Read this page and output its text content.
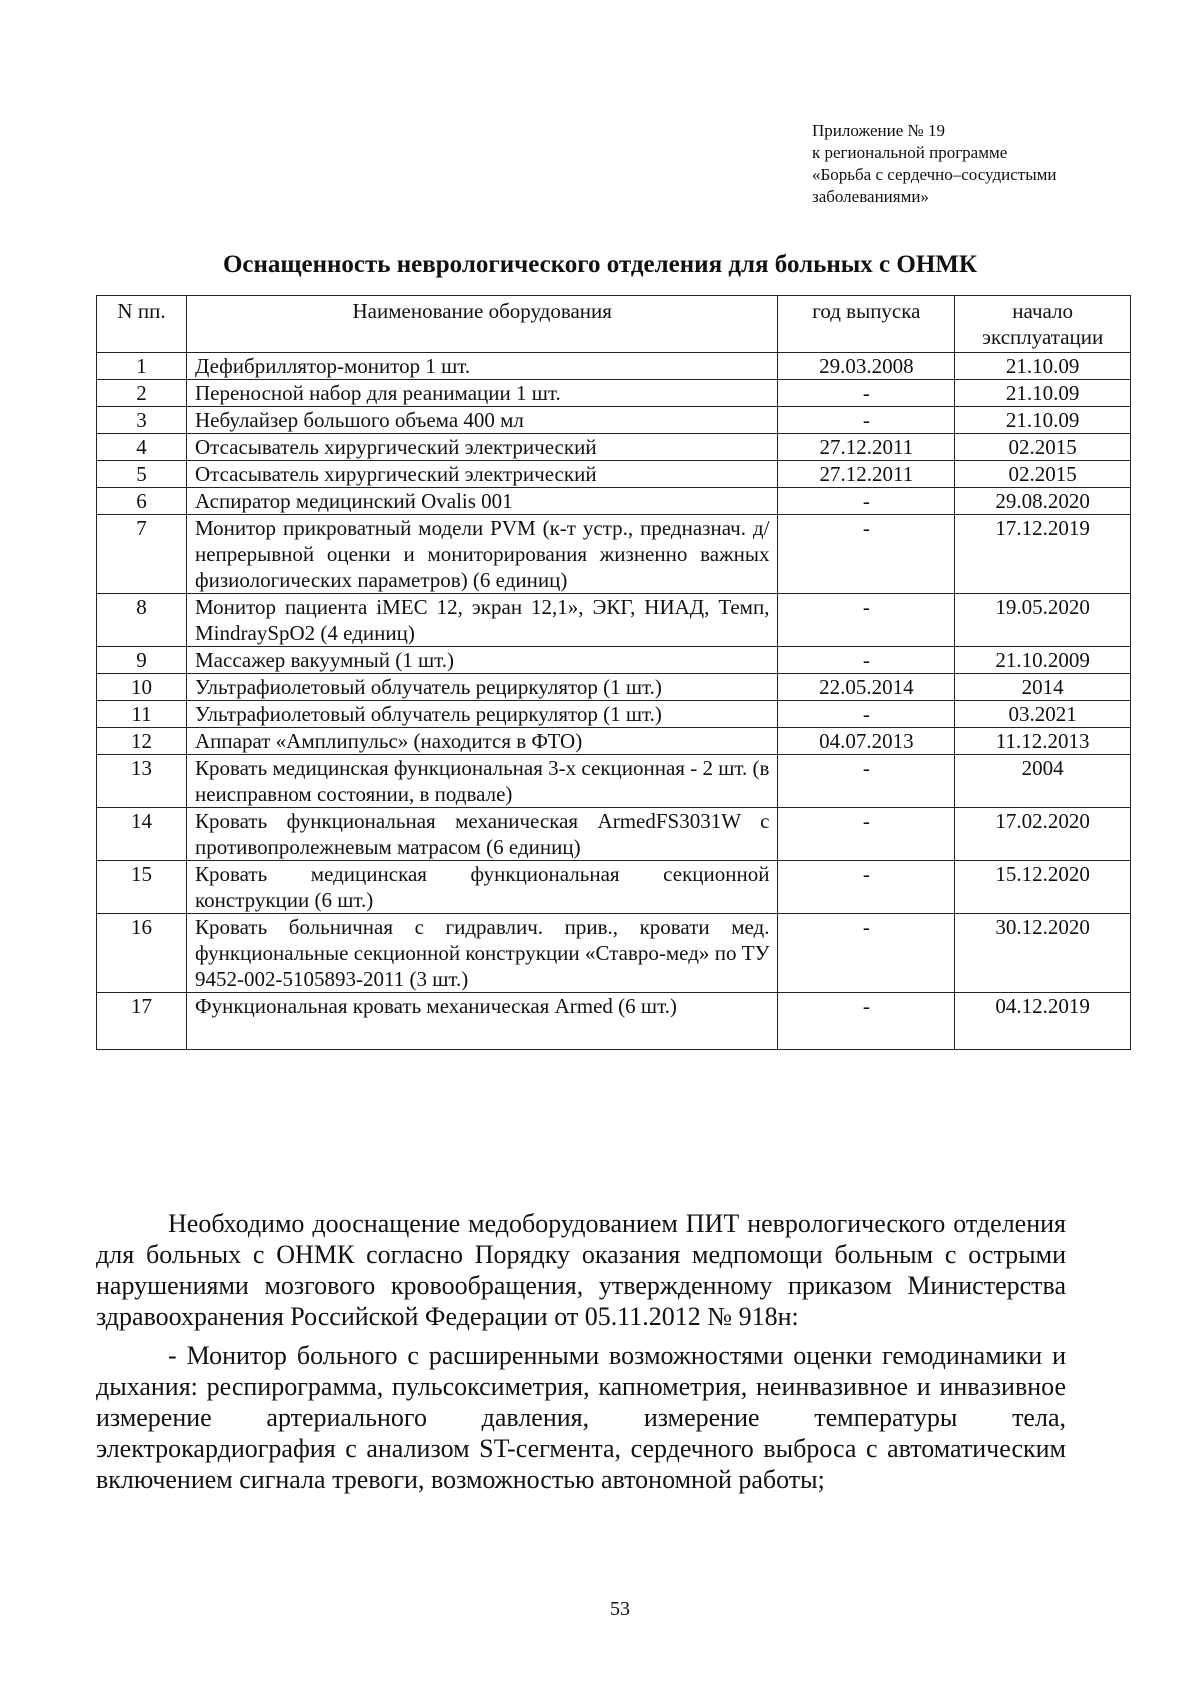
Приложение № 19
к региональной программе
«Борьба с сердечно–сосудистыми
заболеваниями»
Оснащенность неврологического отделения для больных с ОНМК
N пп.	Наименование оборудования	год выпуска	начало эксплуатации
1	Дефибриллятор-монитор 1 шт.	29.03.2008	21.10.09
2	Переносной набор для реанимации 1 шт.	-	21.10.09
3	Небулайзер большого объема 400 мл	-	21.10.09
4	Отсасыватель хирургический электрический	27.12.2011	02.2015
5	Отсасыватель хирургический электрический	27.12.2011	02.2015
6	Аспиратор медицинский Ovalis 001	-	29.08.2020
7	Монитор прикроватный модели PVM (к-т устр., предназнач. д/непрерывной оценки и мониторирования жизненно важных физиологических параметров) (6 единиц)	-	17.12.2019
8	Монитор пациента iMEC 12, экран 12,1», ЭКГ, НИАД, Темп, MindraySpO2 (4 единиц)	-	19.05.2020
9	Массажер вакуумный (1 шт.)	-	21.10.2009
10	Ультрафиолетовый облучатель рециркулятор (1 шт.)	22.05.2014	2014
11	Ультрафиолетовый облучатель рециркулятор (1 шт.)	-	03.2021
12	Аппарат «Амплипульс» (находится в ФТО)	04.07.2013	11.12.2013
13	Кровать медицинская функциональная 3-х секционная - 2 шт. (в неисправном состоянии, в подвале)	-	2004
14	Кровать функциональная механическая ArmedFS3031W с противопролежневым матрасом (6 единиц)	-	17.02.2020
15	Кровать медицинская функциональная секционной конструкции (6 шт.)	-	15.12.2020
16	Кровать больничная с гидравлич. прив., кровати мед. функциональные секционной конструкции «Ставро-мед» по ТУ 9452-002-5105893-2011 (3 шт.)	-	30.12.2020
17	Функциональная кровать механическая Armed (6 шт.)	-	04.12.2019

Необходимо дооснащение медоборудованием ПИТ неврологического отделения для больных с ОНМК согласно Порядку оказания медпомощи больным с острыми нарушениями мозгового кровообращения, утвержденному приказом Министерства здравоохранения Российской Федерации от 05.11.2012 № 918н:

- Монитор больного с расширенными возможностями оценки гемодинамики и дыхания: респирограмма, пульсоксиметрия, капнометрия, неинвазивное и инвазивное измерение артериального давления, измерение температуры тела, электрокардиография с анализом ST-сегмента, сердечного выброса с автоматическим включением сигнала тревоги, возможностью автономной работы;

53
